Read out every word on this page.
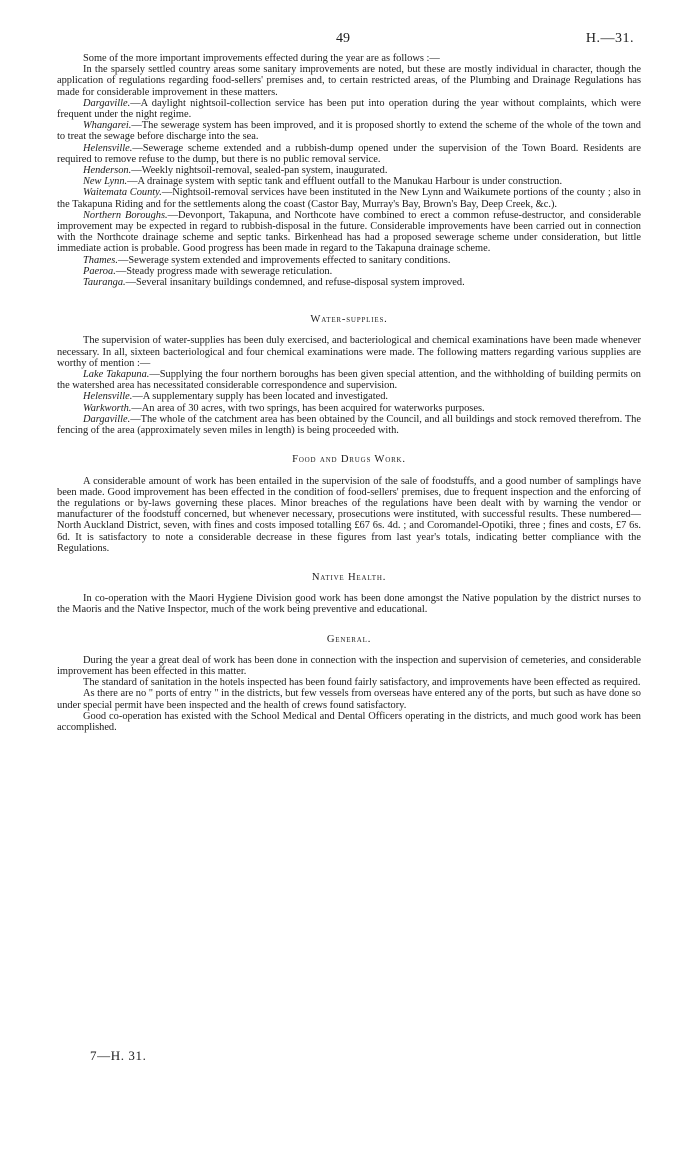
49	H.—31.

Some of the more important improvements effected during the year are as follows :—

In the sparsely settled country areas some sanitary improvements are noted, but these are mostly individual in character, though the application of regulations regarding food-sellers' premises and, to certain restricted areas, of the Plumbing and Drainage Regulations has made for considerable improvement in these matters.

Dargaville.—A daylight nightsoil-collection service has been put into operation during the year without complaints, which were frequent under the night regime.

Whangarei.—The sewerage system has been improved, and it is proposed shortly to extend the scheme of the whole of the town and to treat the sewage before discharge into the sea.

Helensville.—Sewerage scheme extended and a rubbish-dump opened under the supervision of the Town Board. Residents are required to remove refuse to the dump, but there is no public removal service.

Henderson.—Weekly nightsoil-removal, sealed-pan system, inaugurated.

New Lynn.—A drainage system with septic tank and effluent outfall to the Manukau Harbour is under construction.

Waitemata County.—Nightsoil-removal services have been instituted in the New Lynn and Waikumete portions of the county ; also in the Takapuna Riding and for the settlements along the coast (Castor Bay, Murray's Bay, Brown's Bay, Deep Creek, &c.).

Northern Boroughs.—Devonport, Takapuna, and Northcote have combined to erect a common refuse-destructor, and considerable improvement may be expected in regard to rubbish-disposal in the future. Considerable improvements have been carried out in connection with the Northcote drainage scheme and septic tanks. Birkenhead has had a proposed sewerage scheme under consideration, but little immediate action is probable. Good progress has been made in regard to the Takapuna drainage scheme.

Thames.—Sewerage system extended and improvements effected to sanitary conditions.

Paeroa.—Steady progress made with sewerage reticulation.

Tauranga.—Several insanitary buildings condemned, and refuse-disposal system improved.

Water-supplies.

The supervision of water-supplies has been duly exercised, and bacteriological and chemical examinations have been made whenever necessary. In all, sixteen bacteriological and four chemical examinations were made. The following matters regarding various supplies are worthy of mention :—

Lake Takapuna.—Supplying the four northern boroughs has been given special attention, and the withholding of building permits on the watershed area has necessitated considerable correspondence and supervision.

Helensville.—A supplementary supply has been located and investigated.

Warkworth.—An area of 30 acres, with two springs, has been acquired for waterworks purposes.

Dargaville.—The whole of the catchment area has been obtained by the Council, and all buildings and stock removed therefrom. The fencing of the area (approximately seven miles in length) is being proceeded with.

Food and Drugs Work.

A considerable amount of work has been entailed in the supervision of the sale of foodstuffs, and a good number of samplings have been made. Good improvement has been effected in the condition of food-sellers' premises, due to frequent inspection and the enforcing of the regulations or by-laws governing these places. Minor breaches of the regulations have been dealt with by warning the vendor or manufacturer of the foodstuff concerned, but whenever necessary, prosecutions were instituted, with successful results. These numbered—North Auckland District, seven, with fines and costs imposed totalling £67 6s. 4d. ; and Coromandel-Opotiki, three ; fines and costs, £7 6s. 6d. It is satisfactory to note a considerable decrease in these figures from last year's totals, indicating better compliance with the Regulations.

Native Health.

In co-operation with the Maori Hygiene Division good work has been done amongst the Native population by the district nurses to the Maoris and the Native Inspector, much of the work being preventive and educational.

General.

During the year a great deal of work has been done in connection with the inspection and supervision of cemeteries, and considerable improvement has been effected in this matter.

The standard of sanitation in the hotels inspected has been found fairly satisfactory, and improvements have been effected as required.

As there are no " ports of entry " in the districts, but few vessels from overseas have entered any of the ports, but such as have done so under special permit have been inspected and the health of crews found satisfactory.

Good co-operation has existed with the School Medical and Dental Officers operating in the districts, and much good work has been accomplished.

7—H. 31.
